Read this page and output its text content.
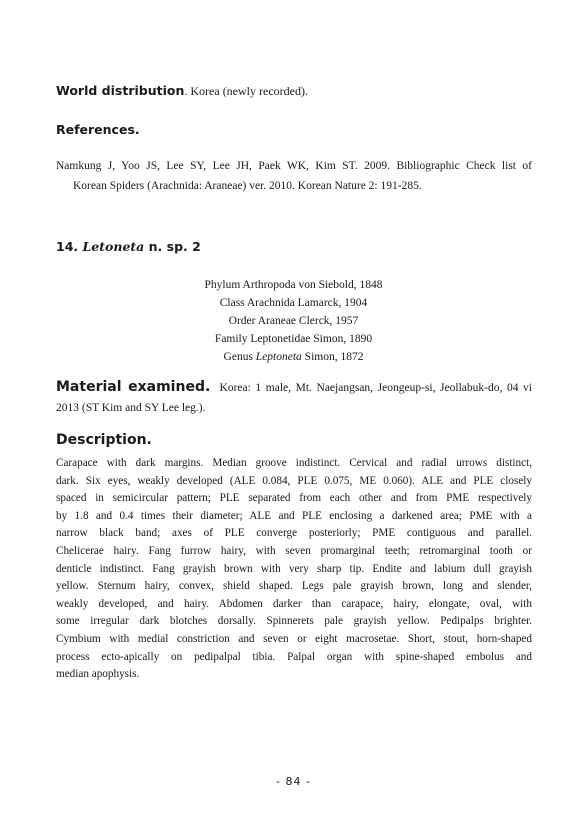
World distribution. Korea (newly recorded).

References.

Namkung J, Yoo JS, Lee SY, Lee JH, Paek WK, Kim ST. 2009. Bibliographic Check list of
Korean Spiders (Arachnida: Araneae) ver. 2010. Korean Nature 2: 191-285.

14. Letoneta n. sp. 2

Phylum Arthropoda von Siebold, 1848
Class Arachnida Lamarck, 1904
Order Araneae Clerck, 1957
Family Leptonetidae Simon, 1890
Genus Leptoneta Simon, 1872
Material examined. Korea: 1 male, Mt. Naejangsan, Jeongeup-si, Jeollabuk-do, 04 vi
2013 (ST Kim and SY Lee leg.).

Description.

Carapace with dark margins. Median groove indistinct. Cervical and radial urrows distinct,
dark. Six eyes, weakly developed (ALE 0.084, PLE 0.075, ME 0.060). ALE and PLE closely
spaced in semicircular pattern; PLE separated from each other and from PME respectively
by 1.8 and 0.4 times their diameter; ALE and PLE enclosing a darkened area; PME with a
narrow black band; axes of PLE converge posteriorly; PME contiguous and parallel.
Chelicerae hairy. Fang furrow hairy, with seven promarginal teeth; retromarginal tooth or
denticle indistinct. Fang grayish brown with very sharp tip. Endite and labium dull grayish
yellow. Sternum hairy, convex, shield shaped. Legs pale grayish brown, long and slender,
weakly developed, and hairy. Abdomen darker than carapace, hairy, elongate, oval, with
some irregular dark blotches dorsally. Spinnerets pale grayish yellow. Pedipalps brighter.
Cymbium with medial constriction and seven or eight macrosetae. Short, stout, horn-shaped
process ecto-apically on pedipalpal tibia. Palpal organ with spine-shaped embolus and
median apophysis.

- 84 -
